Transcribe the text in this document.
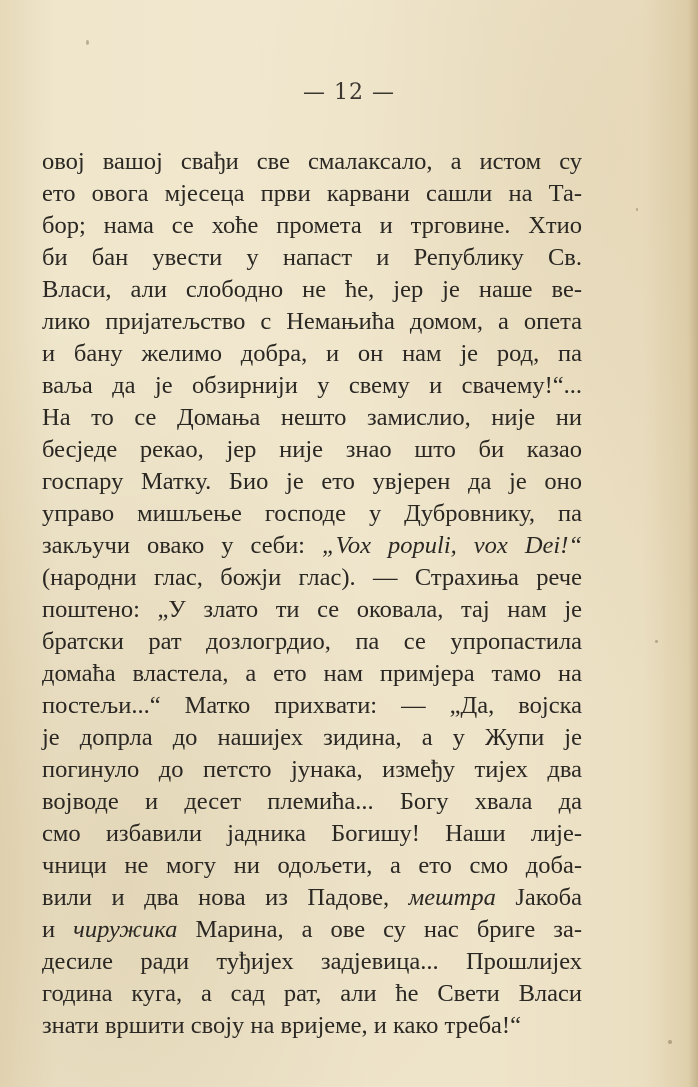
— 12 —
овој вашој свађи све смалаксало, а истом су
ето овога мјесеца први карвани сашли на Та-
бор; нама се хоће промета и трговине. Хтио
би бан увести у напаст и Републику Св.
Власи, али слободно не ће, јер је наше ве-
лико пријатељство с Немањића домом, а опета
и бану желимо добра, и он нам је род, па
ваља да је обзирнији у свему и свачему!“...
На то се Домања нешто замислио, није ни
бесједе рекао, јер није знао што би казао
госпару Матку. Био је ето увјерен да је оно
управо мишљење господе у Дубровнику, па
закључи овако у себи: „Vox populi, vox Dei!“
(народни глас, божји глас). — Страхиња рече
поштено: „У злато ти се оковала, тај нам је
братски рат дозлогрдио, па се упропастила
домаћа властела, а ето нам примјера тамо на
постељи...“ Матко прихвати: — „Да, војска
је допрла до нашијех зидина, а у Жупи је
погинуло до петсто јунака, између тијех два
војводе и десет племића... Богу хвала да
смо избавили јадника Богишу! Наши лије-
чници не могу ни одољети, а ето смо доба-
вили и два нова из Падове, мештра Јакоба
и чиружика Марина, а ове су нас бриге за-
десиле ради туђијех задјевица... Прошлијех
година куга, а сад рат, али ће Свети Власи
знати вршити своју на вријеме, и како треба!“
